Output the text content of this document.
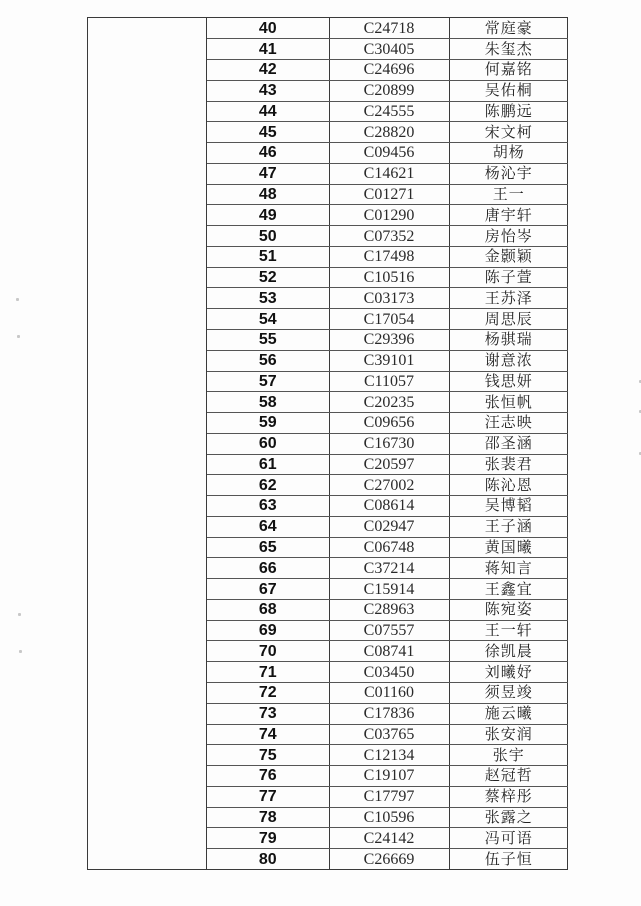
40	C24718	常庭豪
41	C30405	朱玺杰
42	C24696	何嘉铭
43	C20899	吴佑桐
44	C24555	陈鹏远
45	C28820	宋文柯
46	C09456	胡杨
47	C14621	杨沁宇
48	C01271	王一
49	C01290	唐宇轩
50	C07352	房怡岑
51	C17498	金颢颖
52	C10516	陈子萱
53	C03173	王苏泽
54	C17054	周思辰
55	C29396	杨骐瑞
56	C39101	谢意浓
57	C11057	钱思妍
58	C20235	张恒帆
59	C09656	汪志映
60	C16730	邵圣涵
61	C20597	张裴君
62	C27002	陈沁恩
63	C08614	吴博韬
64	C02947	王子涵
65	C06748	黄国曦
66	C37214	蒋知言
67	C15914	王鑫宜
68	C28963	陈宛姿
69	C07557	王一轩
70	C08741	徐凯晨
71	C03450	刘曦妤
72	C01160	须昱竣
73	C17836	施云曦
74	C03765	张安润
75	C12134	张宇
76	C19107	赵冠哲
77	C17797	蔡梓彤
78	C10596	张露之
79	C24142	冯可语
80	C26669	伍子恒
